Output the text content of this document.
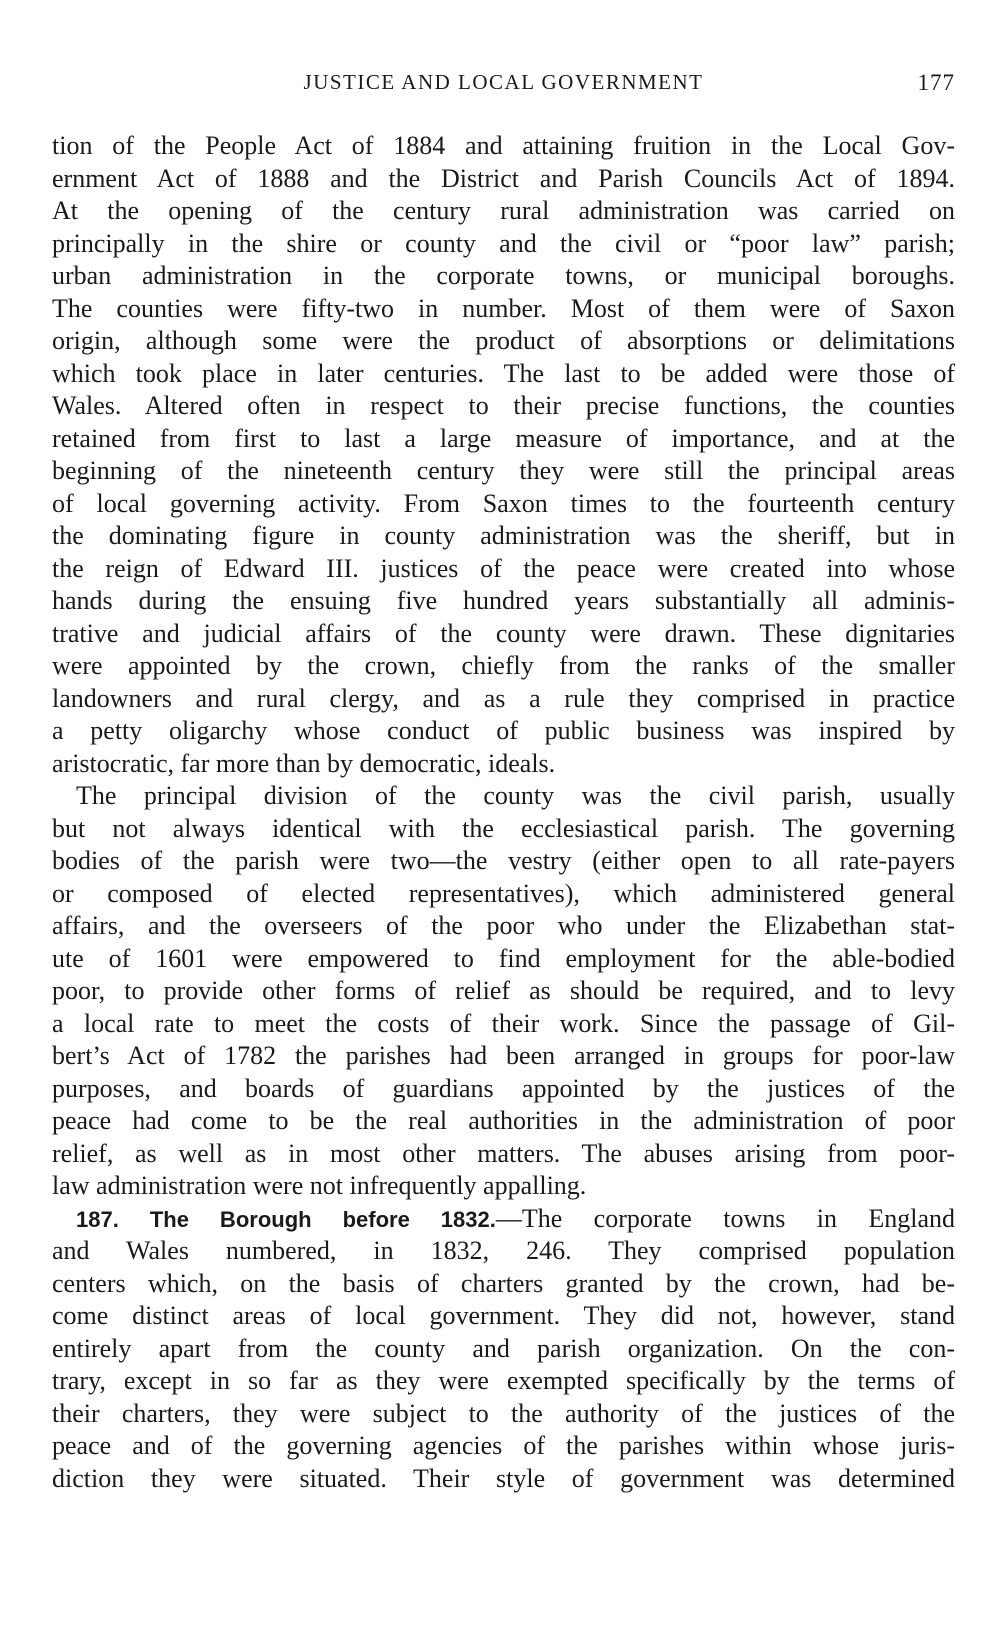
JUSTICE AND LOCAL GOVERNMENT	177
tion of the People Act of 1884 and attaining fruition in the Local Gov-
ernment Act of 1888 and the District and Parish Councils Act of 1894.
At the opening of the century rural administration was carried on
principally in the shire or county and the civil or “poor law” parish;
urban administration in the corporate towns, or municipal boroughs.
The counties were fifty-two in number. Most of them were of Saxon
origin, although some were the product of absorptions or delimitations
which took place in later centuries. The last to be added were those of
Wales. Altered often in respect to their precise functions, the counties
retained from first to last a large measure of importance, and at the
beginning of the nineteenth century they were still the principal areas
of local governing activity. From Saxon times to the fourteenth century
the dominating figure in county administration was the sheriff, but in
the reign of Edward III. justices of the peace were created into whose
hands during the ensuing five hundred years substantially all adminis-
trative and judicial affairs of the county were drawn. These dignitaries
were appointed by the crown, chiefly from the ranks of the smaller
landowners and rural clergy, and as a rule they comprised in practice
a petty oligarchy whose conduct of public business was inspired by
aristocratic, far more than by democratic, ideals.
The principal division of the county was the civil parish, usually
but not always identical with the ecclesiastical parish. The governing
bodies of the parish were two—the vestry (either open to all rate-payers
or composed of elected representatives), which administered general
affairs, and the overseers of the poor who under the Elizabethan stat-
ute of 1601 were empowered to find employment for the able-bodied
poor, to provide other forms of relief as should be required, and to levy
a local rate to meet the costs of their work. Since the passage of Gil-
bert’s Act of 1782 the parishes had been arranged in groups for poor-law
purposes, and boards of guardians appointed by the justices of the
peace had come to be the real authorities in the administration of poor
relief, as well as in most other matters. The abuses arising from poor-
law administration were not infrequently appalling.
187. The Borough before 1832.—The corporate towns in England
and Wales numbered, in 1832, 246. They comprised population
centers which, on the basis of charters granted by the crown, had be-
come distinct areas of local government. They did not, however, stand
entirely apart from the county and parish organization. On the con-
trary, except in so far as they were exempted specifically by the terms of
their charters, they were subject to the authority of the justices of the
peace and of the governing agencies of the parishes within whose juris-
diction they were situated. Their style of government was determined
